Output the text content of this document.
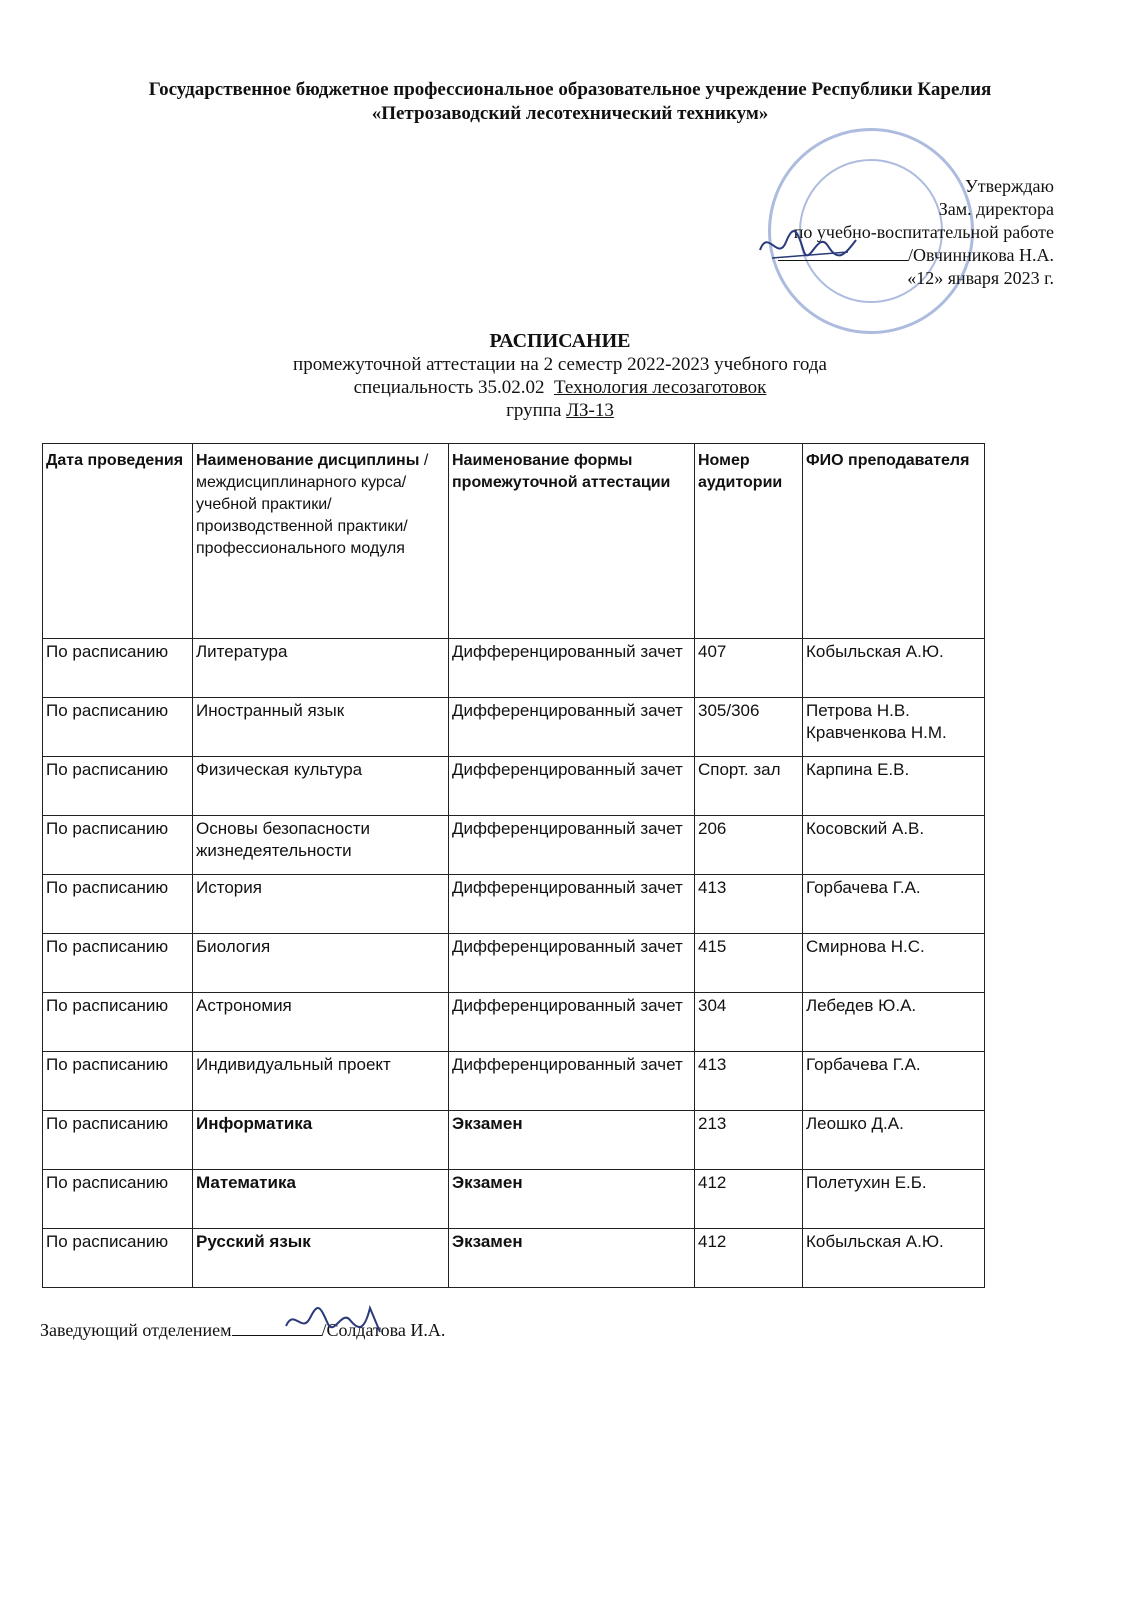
Государственное бюджетное профессиональное образовательное учреждение Республики Карелия
«Петрозаводский лесотехнический техникум»
Утверждаю
Зам. директора
по учебно-воспитательной работе
/Овчинникова Н.А.
«12» января 2023 г.
РАСПИСАНИЕ
промежуточной аттестации на 2 семестр 2022-2023 учебного года
специальность 35.02.02 Технология лесозаготовок
группа ЛЗ-13
Дата проведения	Наименование дисциплины /междисциплинарного курса/учебной практики/производственной практики/профессионального модуля	Наименование формы промежуточной аттестации	Номер аудитории	ФИО преподавателя
По расписанию	Литература	Дифференцированный зачет	407	Кобыльская А.Ю.
По расписанию	Иностранный язык	Дифференцированный зачет	305/306	Петрова Н.В. Кравченкова Н.М.
По расписанию	Физическая культура	Дифференцированный зачет	Спорт. зал	Карпина Е.В.
По расписанию	Основы безопасности жизнедеятельности	Дифференцированный зачет	206	Косовский А.В.
По расписанию	История	Дифференцированный зачет	413	Горбачева Г.А.
По расписанию	Биология	Дифференцированный зачет	415	Смирнова Н.С.
По расписанию	Астрономия	Дифференцированный зачет	304	Лебедев Ю.А.
По расписанию	Индивидуальный проект	Дифференцированный зачет	413	Горбачева Г.А.
По расписанию	Информатика	Экзамен	213	Леошко Д.А.
По расписанию	Математика	Экзамен	412	Полетухин Е.Б.
По расписанию	Русский язык	Экзамен	412	Кобыльская А.Ю.
Заведующий отделением	/Солдатова И.А.
